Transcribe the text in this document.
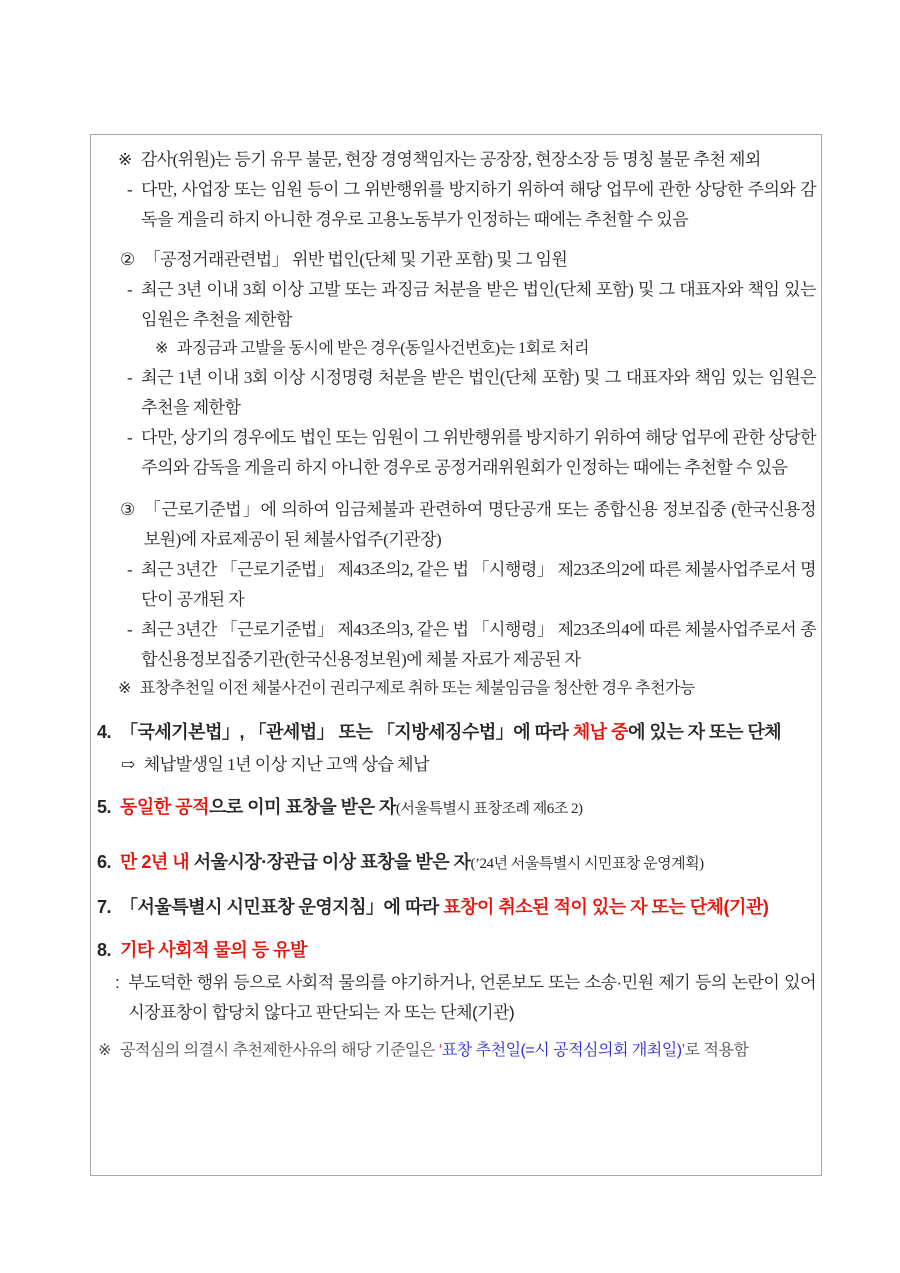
※ 감사(위원)는 등기 유무 불문, 현장 경영책임자는 공장장, 현장소장 등 명칭 불문 추천 제외
- 다만, 사업장 또는 임원 등이 그 위반행위를 방지하기 위하여 해당 업무에 관한 상당한 주의와 감독을 게을리 하지 아니한 경우로 고용노동부가 인정하는 때에는 추천할 수 있음
② 「공정거래관련법」 위반 법인(단체 및 기관 포함) 및 그 임원
- 최근 3년 이내 3회 이상 고발 또는 과징금 처분을 받은 법인(단체 포함) 및 그 대표자와 책임 있는 임원은 추천을 제한함
※ 과징금과 고발을 동시에 받은 경우(동일사건번호)는 1회로 처리
- 최근 1년 이내 3회 이상 시정명령 처분을 받은 법인(단체 포함) 및 그 대표자와 책임 있는 임원은 추천을 제한함
- 다만, 상기의 경우에도 법인 또는 임원이 그 위반행위를 방지하기 위하여 해당 업무에 관한 상당한 주의와 감독을 게을리 하지 아니한 경우로 공정거래위원회가 인정하는 때에는 추천할 수 있음
③ 「근로기준법」에 의하여 임금체불과 관련하여 명단공개 또는 종합신용 정보집중 (한국신용정보원)에 자료제공이 된 체불사업주(기관장)
- 최근 3년간 「근로기준법」 제43조의2, 같은 법 「시행령」 제23조의2에 따른 체불사업주로서 명단이 공개된 자
- 최근 3년간 「근로기준법」 제43조의3, 같은 법 「시행령」 제23조의4에 따른 체불사업주로서 종합신용정보집중기관(한국신용정보원)에 체불 자료가 제공된 자
※ 표창추천일 이전 체불사건이 권리구제로 취하 또는 체불임금을 청산한 경우 추천가능
4. 「국세기본법」, 「관세법」 또는 「지방세징수법」에 따라 체납 중에 있는 자 또는 단체
⇨ 체납발생일 1년 이상 지난 고액 상습 체납
5. 동일한 공적으로 이미 표창을 받은 자(서울특별시 표창조례 제6조 2)
6. 만 2년 내 서울시장·장관급 이상 표창을 받은 자(’24년 서울특별시 시민표창 운영계획)
7. 「서울특별시 시민표창 운영지침」에 따라 표창이 취소된 적이 있는 자 또는 단체(기관)
8. 기타 사회적 물의 등 유발
: 부도덕한 행위 등으로 사회적 물의를 야기하거나, 언론보도 또는 소송·민원 제기 등의 논란이 있어 시장표창이 합당치 않다고 판단되는 자 또는 단체(기관)
※ 공적심의 의결시 추천제한사유의 해당 기준일은 ‘표창 추천일(=시 공적심의회 개최일)’로 적용함
